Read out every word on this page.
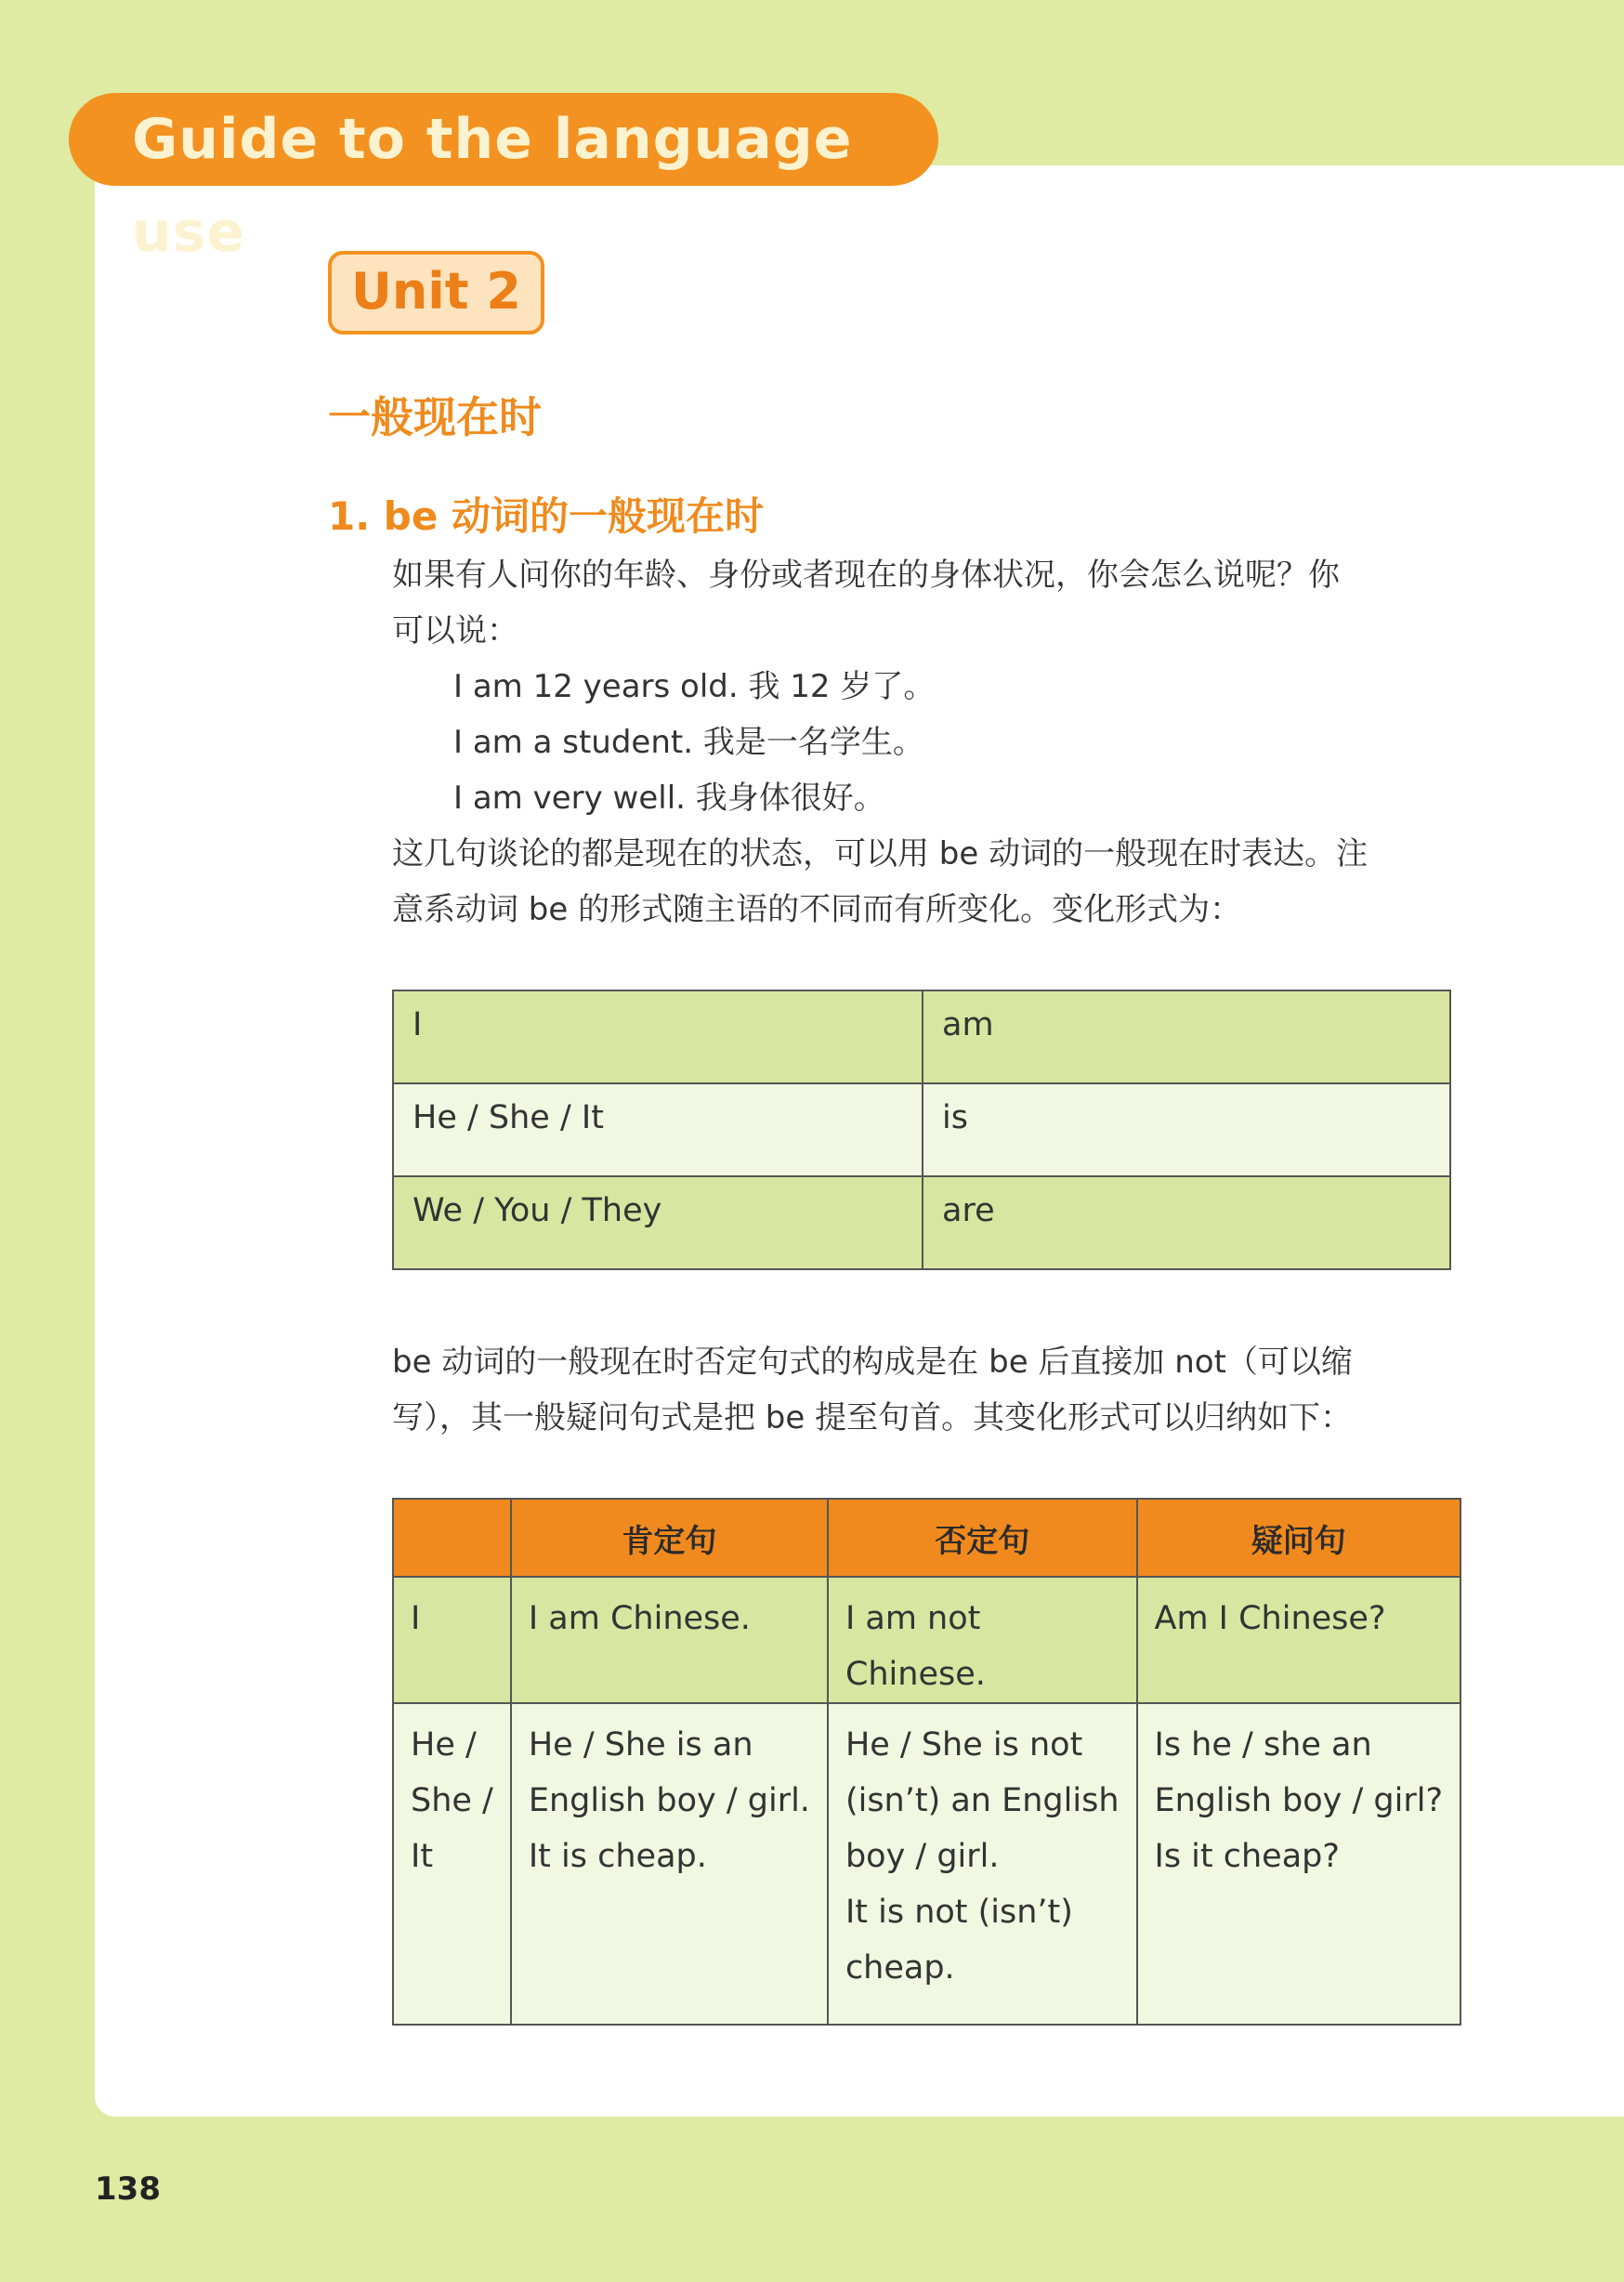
Guide to the language use
Unit 2
一般现在时
1. be 动词的一般现在时
如果有人问你的年龄、身份或者现在的身体状况，你会怎么说呢？你
可以说：
I am 12 years old. 我 12 岁了。
I am a student. 我是一名学生。
I am very well. 我身体很好。
这几句谈论的都是现在的状态，可以用 be 动词的一般现在时表达。注
意系动词 be 的形式随主语的不同而有所变化。变化形式为：
I	am
He / She / It	is
We / You / They	are
be 动词的一般现在时否定句式的构成是在 be 后直接加 not（可以缩
写），其一般疑问句式是把 be 提至句首。其变化形式可以归纳如下：
	肯定句	否定句	疑问句
I	I am Chinese.	I am not Chinese.	Am I Chinese?

He /
She /
It	He / She is an
English boy / girl.
It is cheap.	He / She is not
(isn’t) an English
boy / girl.
It is not (isn’t)
cheap.	Is he / she an
English boy / girl?
Is it cheap?
138
